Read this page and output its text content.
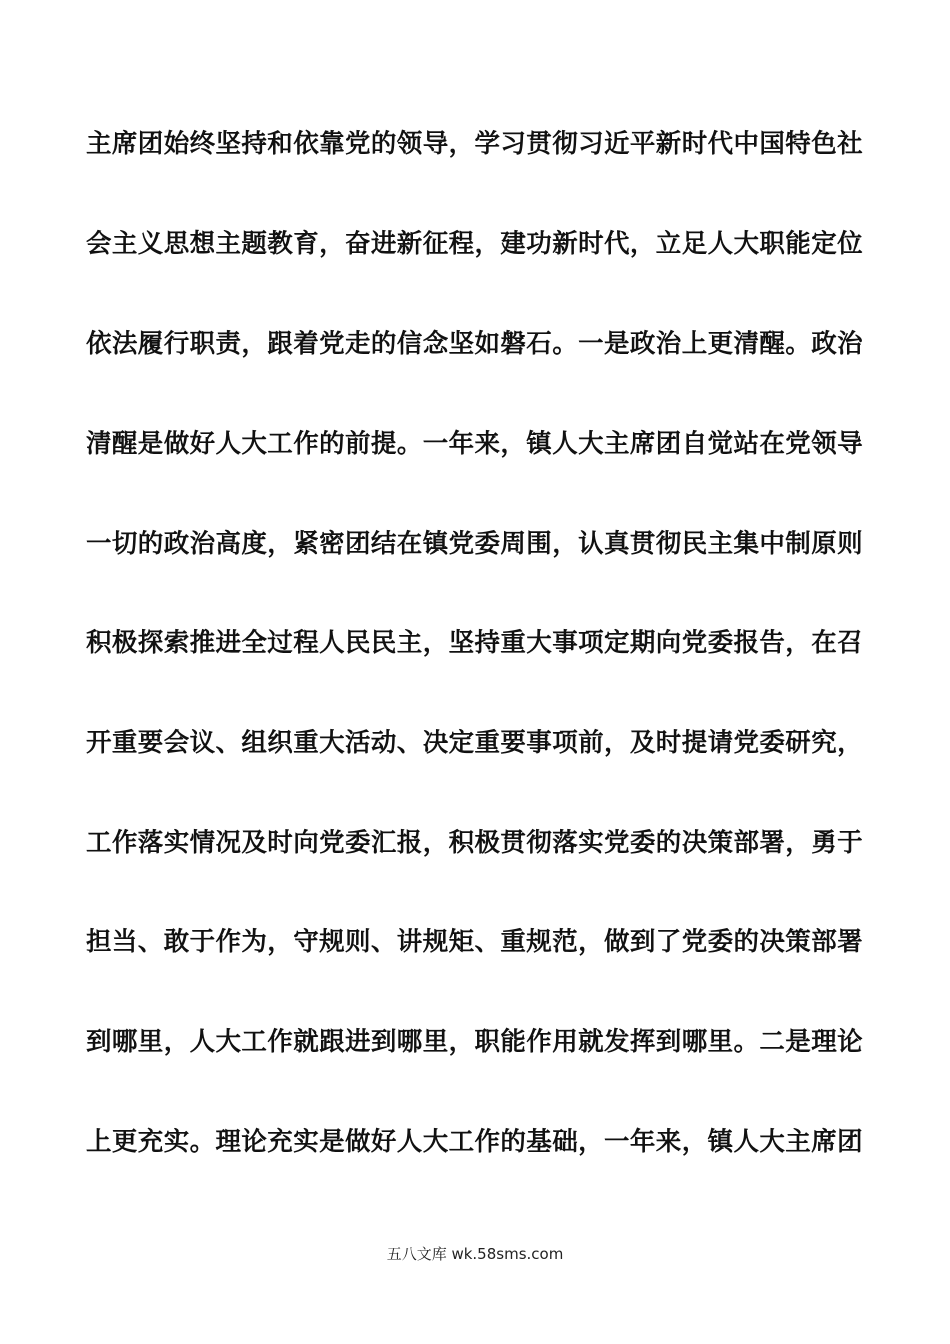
主席团始终坚持和依靠党的领导，学习贯彻习近平新时代中国特色社
会主义思想主题教育，奋进新征程，建功新时代，立足人大职能定位
依法履行职责，跟着党走的信念坚如磐石。一是政治上更清醒。政治
清醒是做好人大工作的前提。一年来，镇人大主席团自觉站在党领导
一切的政治高度，紧密团结在镇党委周围，认真贯彻民主集中制原则
积极探索推进全过程人民民主，坚持重大事项定期向党委报告，在召
开重要会议、组织重大活动、决定重要事项前，及时提请党委研究，
工作落实情况及时向党委汇报，积极贯彻落实党委的决策部署，勇于
担当、敢于作为，守规则、讲规矩、重规范，做到了党委的决策部署
到哪里，人大工作就跟进到哪里，职能作用就发挥到哪里。二是理论
上更充实。理论充实是做好人大工作的基础，一年来，镇人大主席团
五八文库 wk.58sms.com
